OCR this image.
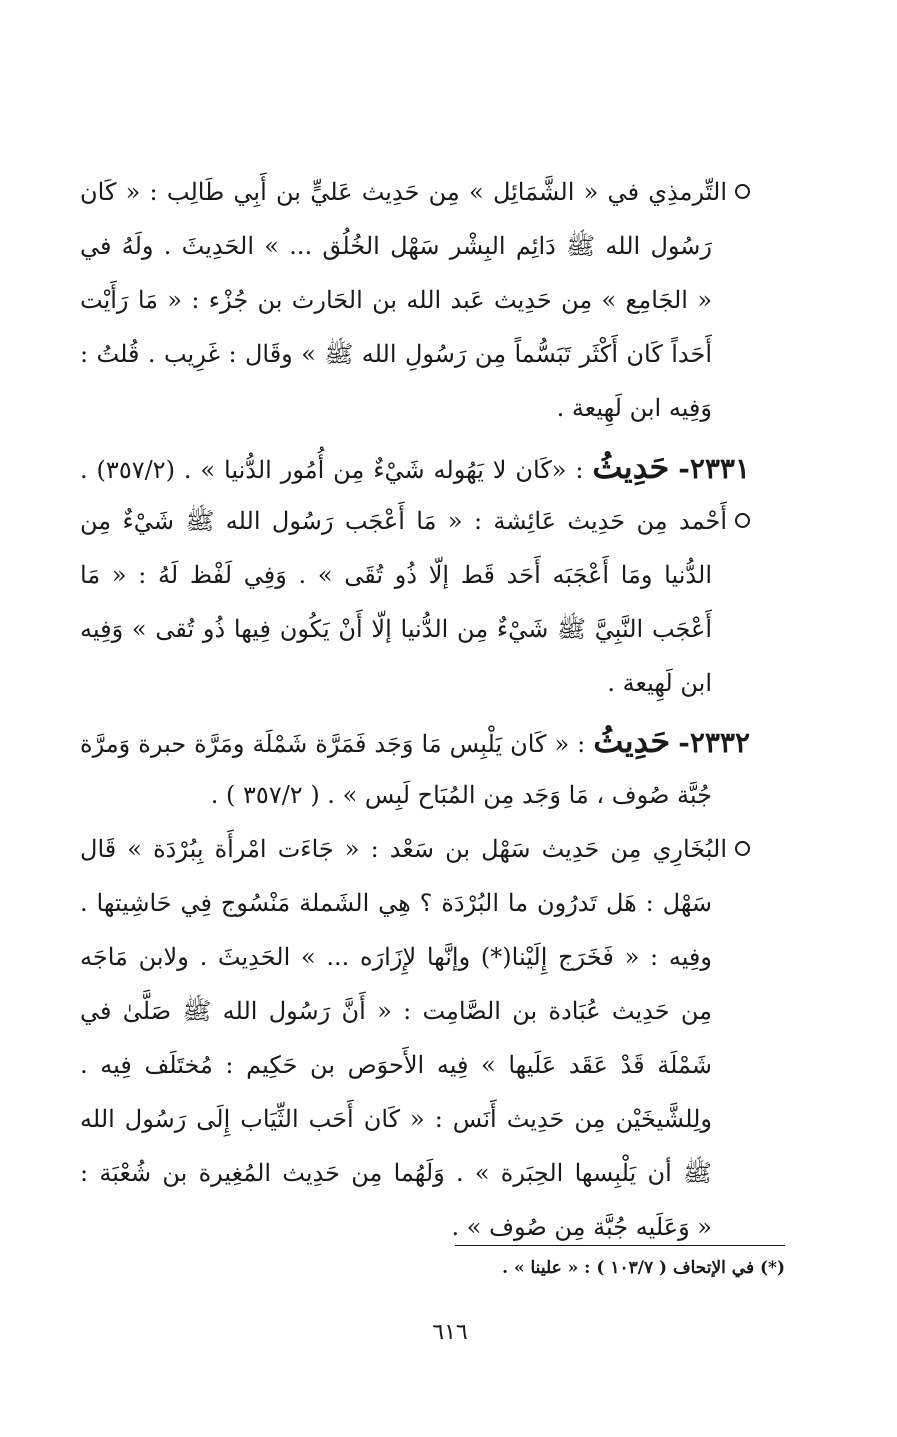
التِّرمذِي في « الشَّمَائِل » مِن حَدِيث عَليٍّ بن أَبِي طَالِب : « كَان
رَسُول الله ﷺ دَائِم البِشْر سَهْل الخُلُق ... » الحَدِيثَ . ولَهُ في
« الجَامِع » مِن حَدِيث عَبد الله بن الحَارث بن جُزْء : « مَا رَأَيْت
أَحَداً كَان أَكْثَر تَبَسُّماً مِن رَسُولِ الله ﷺ » وقَال : غَرِيب . قُلتُ :
وَفِيه ابن لَهِيعة .
٢٣٣١- حَدِيثُ : «كَان لا يَهُوله شَيْءٌ مِن أُمُور الدُّنيا » . (٣٥٧/٢) .
أَحْمد مِن حَدِيث عَائِشة : « مَا أَعْجَب رَسُول الله ﷺ شَيْءٌ مِن
الدُّنيا ومَا أَعْجَبَه أَحَد قَط إلّا ذُو تُقَى » . وَفِي لَفْظ لَهُ : « مَا
أَعْجَب النَّبِيَّ ﷺ شَيْءٌ مِن الدُّنيا إلّا أَنْ يَكُون فِيها ذُو تُقى » وَفِيه
ابن لَهِيعة .
٢٣٣٢- حَدِيثُ : « كَان يَلْبِس مَا وَجَد فَمَرَّة شَمْلَة ومَرَّة حبرة وَمرَّة
جُبَّة صُوف ، مَا وَجَد مِن المُبَاح لَبِس » . ( ٣٥٧/٢ ) .
البُخَارِي مِن حَدِيث سَهْل بن سَعْد : « جَاءَت امْرأَة بِبُرْدَة » قَال
سَهْل : هَل تَدرُون ما البُرْدَة ؟ هِي الشَملة مَنْسُوج فِي حَاشِيتها .
وفِيه : « فَخَرَج إِلَيْنا(*) وإنَّها لإِزَارَه ... » الحَدِيثَ . ولابن مَاجَه
مِن حَدِيث عُبَادة بن الصَّامِت : « أَنَّ رَسُول الله ﷺ صَلَّىٰ في
شَمْلَة قَدْ عَقَد عَلَيها » فِيه الأَحوَص بن حَكِيم : مُختَلَف فِيه .
ولِلشَّيخَيْن مِن حَدِيث أَنَس : « كَان أَحَب الثِّيَاب إِلَى رَسُول الله
ﷺ أن يَلْبِسها الحِبَرة » . وَلَهُما مِن حَدِيث المُغِيرة بن شُعْبَة :
« وَعَلَيه جُبَّة مِن صُوف » .
(*) في الإتحاف ( ١٠٣/٧ ) : « علينا » .
٦١٦
